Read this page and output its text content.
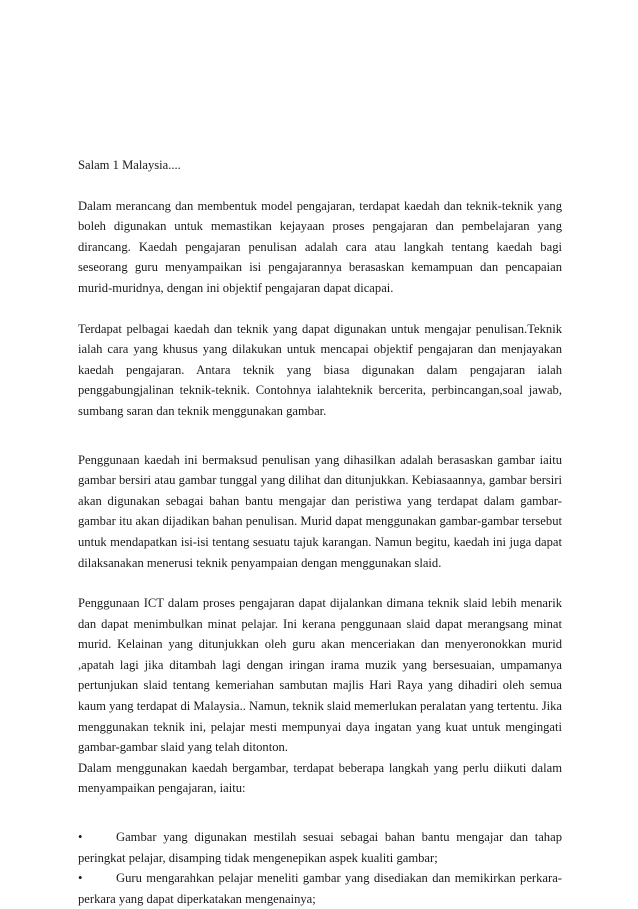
Salam 1 Malaysia....

Dalam merancang dan membentuk model pengajaran, terdapat kaedah dan teknik-teknik yang boleh digunakan untuk memastikan kejayaan proses pengajaran dan pembelajaran yang dirancang. Kaedah pengajaran penulisan adalah cara atau langkah tentang kaedah bagi seseorang guru menyampaikan isi pengajarannya berasaskan kemampuan dan pencapaian murid-muridnya, dengan ini objektif pengajaran dapat dicapai.

Terdapat pelbagai kaedah dan teknik yang dapat digunakan untuk mengajar penulisan.Teknik ialah cara yang khusus yang dilakukan untuk mencapai objektif pengajaran dan menjayakan kaedah pengajaran. Antara teknik yang biasa digunakan dalam pengajaran ialah penggabungjalinan teknik-teknik. Contohnya ialahteknik bercerita, perbincangan,soal jawab, sumbang saran dan teknik menggunakan gambar.

Penggunaan kaedah ini bermaksud penulisan yang dihasilkan adalah berasaskan gambar iaitu gambar bersiri atau gambar tunggal yang dilihat dan ditunjukkan. Kebiasaannya, gambar bersiri akan digunakan sebagai bahan bantu mengajar dan peristiwa yang terdapat dalam gambar-gambar itu akan dijadikan bahan penulisan. Murid dapat menggunakan gambar-gambar tersebut untuk mendapatkan isi-isi tentang sesuatu tajuk karangan. Namun begitu, kaedah ini juga dapat dilaksanakan menerusi teknik penyampaian dengan menggunakan slaid.

Penggunaan ICT dalam proses pengajaran dapat dijalankan dimana teknik slaid lebih menarik dan dapat menimbulkan minat pelajar. Ini kerana penggunaan slaid dapat merangsang minat murid. Kelainan yang ditunjukkan oleh guru akan menceriakan dan menyeronokkan murid ,apatah lagi jika ditambah lagi dengan iringan irama muzik yang bersesuaian, umpamanya pertunjukan slaid tentang kemeriahan sambutan majlis Hari Raya yang dihadiri oleh semua kaum yang terdapat di Malaysia.. Namun, teknik slaid memerlukan peralatan yang tertentu. Jika menggunakan teknik ini, pelajar mesti mempunyai daya ingatan yang kuat untuk mengingati gambar-gambar slaid yang telah ditonton.

Dalam menggunakan kaedah bergambar, terdapat beberapa langkah yang perlu diikuti dalam menyampaikan pengajaran, iaitu:

•	Gambar yang digunakan mestilah sesuai sebagai bahan bantu mengajar dan tahap peringkat pelajar, disamping tidak mengenepikan aspek kualiti gambar;

•	Guru mengarahkan pelajar meneliti gambar yang disediakan dan memikirkan perkara-perkara yang dapat diperkatakan mengenainya;
